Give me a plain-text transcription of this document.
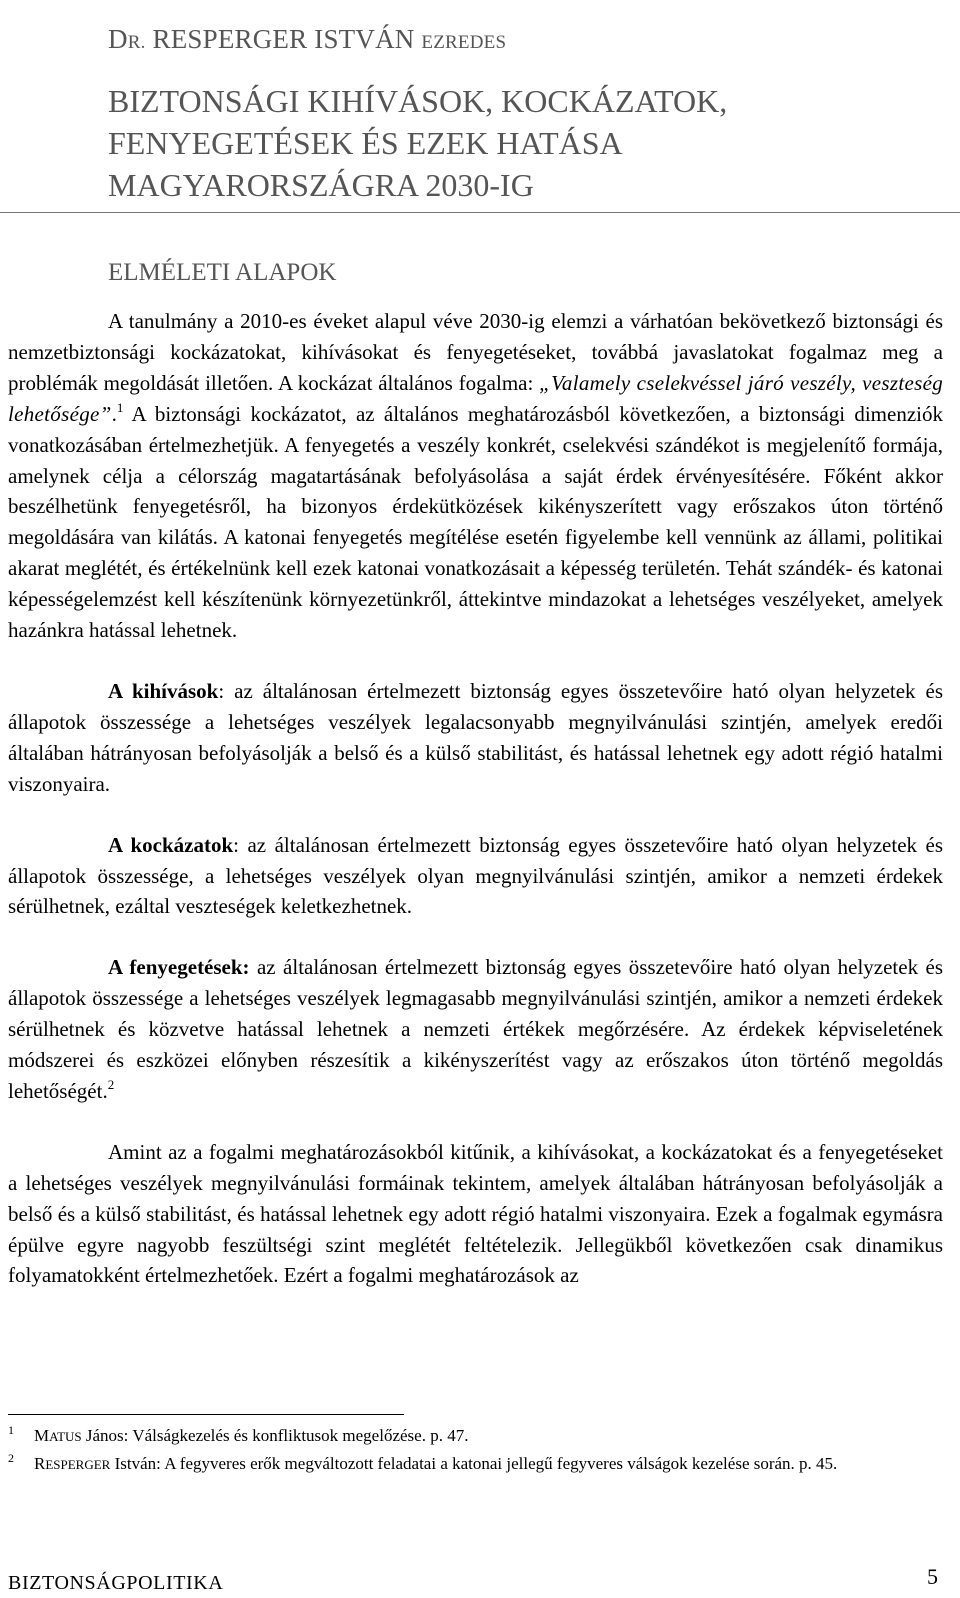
DR. RESPERGER ISTVÁN EZREDES
BIZTONSÁGI KIHÍVÁSOK, KOCKÁZATOK,
FENYEGETÉSEK ÉS EZEK HATÁSA
MAGYARORSZÁGRA 2030-IG
ELMÉLETI ALAPOK

A tanulmány a 2010-es éveket alapul véve 2030-ig elemzi a várhatóan bekövetkező biztonsági és nemzetbiztonsági kockázatokat, kihívásokat és fenyegetéseket, továbbá javaslatokat fogalmaz meg a problémák megoldását illetően. A kockázat általános fogalma: „Valamely cselekvéssel járó veszély, veszteség lehetősége”.$^1$ A biztonsági kockázatot, az általános meghatározásból következően, a biztonsági dimenziók vonatkozásában értelmezhetjük. A fenyegetés a veszély konkrét, cselekvési szándékot is megjelenítő formája, amelynek célja a célország magatartásának befolyásolása a saját érdek érvényesítésére. Főként akkor beszélhetünk fenyegetésről, ha bizonyos érdekütközések kikényszerített vagy erőszakos úton történő megoldására van kilátás. A katonai fenyegetés megítélése esetén figyelembe kell vennünk az állami, politikai akarat meglétét, és értékelnünk kell ezek katonai vonatkozásait a képesség területén. Tehát szándék- és katonai képességelemzést kell készítenünk környezetünkről, áttekintve mindazokat a lehetséges veszélyeket, amelyek hazánkra hatással lehetnek.

A kihívások: az általánosan értelmezett biztonság egyes összetevőire ható olyan helyzetek és állapotok összessége a lehetséges veszélyek legalacsonyabb megnyilvánulási szintjén, amelyek eredői általában hátrányosan befolyásolják a belső és a külső stabilitást, és hatással lehetnek egy adott régió hatalmi viszonyaira.

A kockázatok: az általánosan értelmezett biztonság egyes összetevőire ható olyan helyzetek és állapotok összessége, a lehetséges veszélyek olyan megnyilvánulási szintjén, amikor a nemzeti érdekek sérülhetnek, ezáltal veszteségek keletkezhetnek.

A fenyegetések: az általánosan értelmezett biztonság egyes összetevőire ható olyan helyzetek és állapotok összessége a lehetséges veszélyek legmagasabb megnyilvánulási szintjén, amikor a nemzeti érdekek sérülhetnek és közvetve hatással lehetnek a nemzeti értékek megőrzésére. Az érdekek képviseletének módszerei és eszközei előnyben részesítik a kikényszerítést vagy az erőszakos úton történő megoldás lehetőségét.$^2$

Amint az a fogalmi meghatározásokból kitűnik, a kihívásokat, a kockázatokat és a fenyegetéseket a lehetséges veszélyek megnyilvánulási formáinak tekintem, amelyek általában hátrányosan befolyásolják a belső és a külső stabilitást, és hatással lehetnek egy adott régió hatalmi viszonyaira. Ezek a fogalmak egymásra épülve egyre nagyobb feszültségi szint meglétét feltételezik. Jellegükből következően csak dinamikus folyamatokként értelmezhetőek. Ezért a fogalmi meghatározások az

1 MATUS János: Válságkezelés és konfliktusok megelőzése. p. 47.
2 RESPERGER István: A fegyveres erők megváltozott feladatai a katonai jellegű fegyveres válságok kezelése során. p. 45.
BIZTONSÁGPOLITIKA	5
